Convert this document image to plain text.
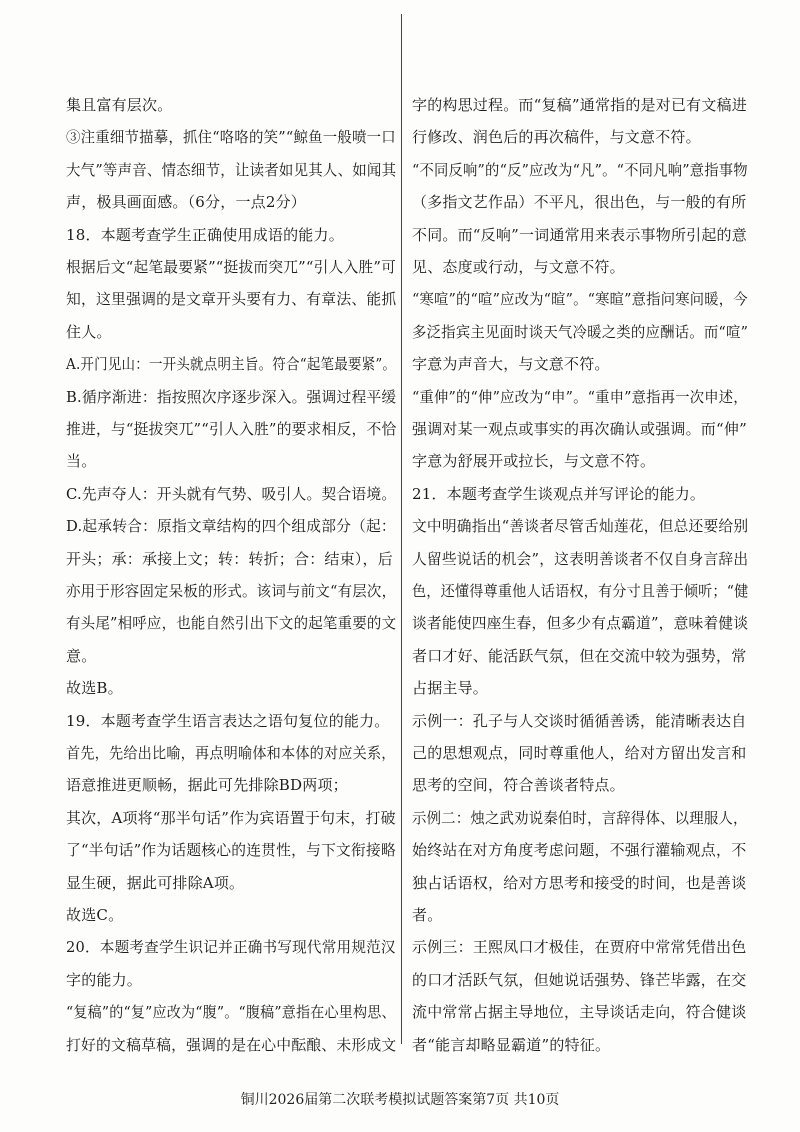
集且富有层次。
③注重细节描摹，抓住“咯咯的笑”“鲸鱼一般喷一口
大气”等声音、情态细节，让读者如见其人、如闻其
声，极具画面感。（6分，一点2分）
18．本题考查学生正确使用成语的能力。
根据后文“起笔最要紧”“挺拔而突兀”“引人入胜”可
知，这里强调的是文章开头要有力、有章法、能抓
住人。
A.开门见山：一开头就点明主旨。符合“起笔最要紧”。
B.循序渐进：指按照次序逐步深入。强调过程平缓
推进，与“挺拔突兀”“引人入胜”的要求相反，不恰
当。
C.先声夺人：开头就有气势、吸引人。契合语境。
D.起承转合：原指文章结构的四个组成部分（起：
开头；承：承接上文；转：转折；合：结束），后
亦用于形容固定呆板的形式。该词与前文“有层次，
有头尾”相呼应，也能自然引出下文的起笔重要的文
意。
故选B。
19．本题考查学生语言表达之语句复位的能力。
首先，先给出比喻，再点明喻体和本体的对应关系，
语意推进更顺畅，据此可先排除BD两项；
其次，A项将“那半句话”作为宾语置于句末，打破
了“半句话”作为话题核心的连贯性，与下文衔接略
显生硬，据此可排除A项。
故选C。
20．本题考查学生识记并正确书写现代常用规范汉
字的能力。
“复稿”的“复”应改为“腹”。“腹稿”意指在心里构思、
打好的文稿草稿，强调的是在心中酝酿、未形成文
字的构思过程。而“复稿”通常指的是对已有文稿进
行修改、润色后的再次稿件，与文意不符。
“不同反响”的“反”应改为“凡”。“不同凡响”意指事物
（多指文艺作品）不平凡，很出色，与一般的有所
不同。而“反响”一词通常用来表示事物所引起的意
见、态度或行动，与文意不符。
“寒喧”的“喧”应改为“暄”。“寒暄”意指问寒问暖，今
多泛指宾主见面时谈天气冷暖之类的应酬话。而“喧”
字意为声音大，与文意不符。
“重伸”的“伸”应改为“申”。“重申”意指再一次申述，
强调对某一观点或事实的再次确认或强调。而“伸”
字意为舒展开或拉长，与文意不符。
21．本题考查学生谈观点并写评论的能力。
文中明确指出“善谈者尽管舌灿莲花，但总还要给别
人留些说话的机会”，这表明善谈者不仅自身言辞出
色，还懂得尊重他人话语权，有分寸且善于倾听；“健
谈者能使四座生春，但多少有点霸道”，意味着健谈
者口才好、能活跃气氛，但在交流中较为强势，常
占据主导。
示例一：孔子与人交谈时循循善诱，能清晰表达自
己的思想观点，同时尊重他人，给对方留出发言和
思考的空间，符合善谈者特点。
示例二：烛之武劝说秦伯时，言辞得体、以理服人，
始终站在对方角度考虑问题，不强行灌输观点，不
独占话语权，给对方思考和接受的时间，也是善谈
者。
示例三：王熙凤口才极佳，在贾府中常常凭借出色
的口才活跃气氛，但她说话强势、锋芒毕露，在交
流中常常占据主导地位，主导谈话走向，符合健谈
者“能言却略显霸道”的特征。
铜川2026届第二次联考模拟试题答案第7页 共10页
